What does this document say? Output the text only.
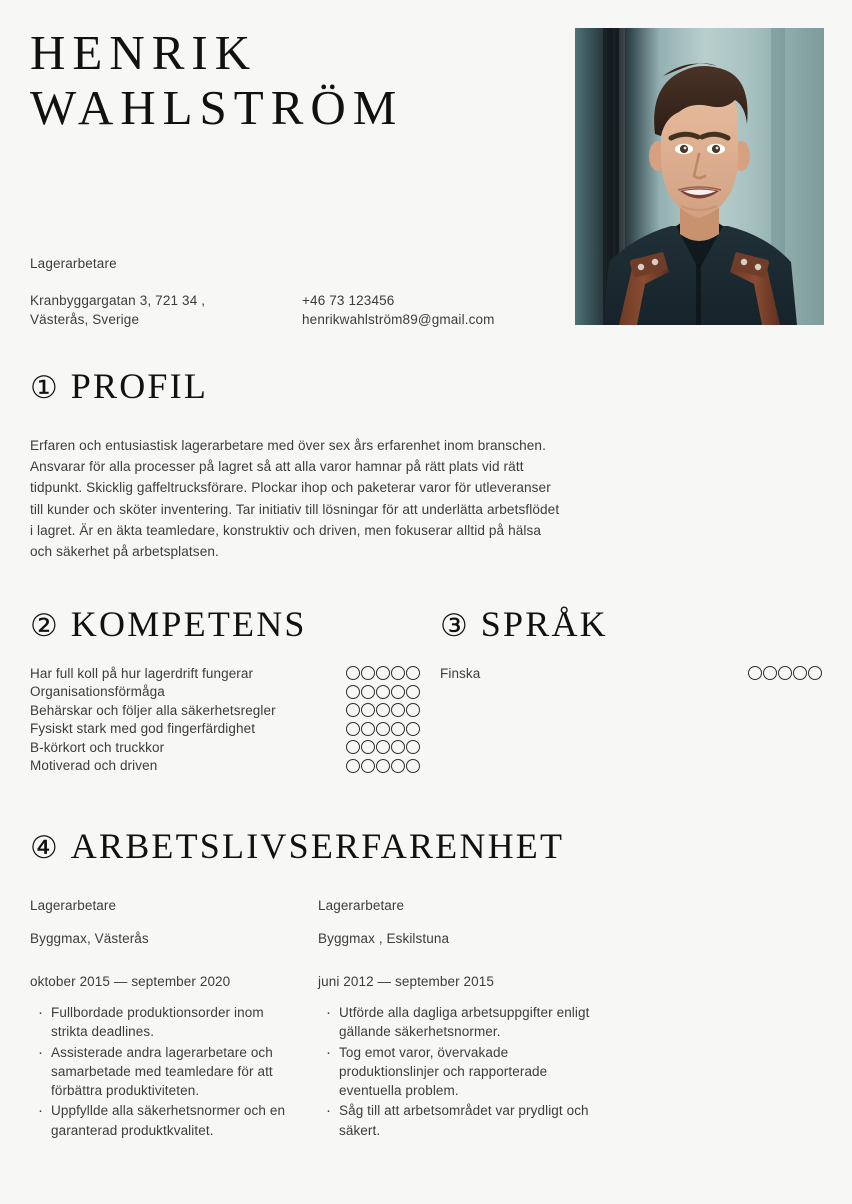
HENRIK
WAHLSTRÖM
Lagerarbetare
Kranbyggargatan 3, 721 34 ,
Västerås, Sverige
+46 73 123456
henrikwahlström89@gmail.com
① PROFIL
Erfaren och entusiastisk lagerarbetare med över sex års erfarenhet inom branschen. Ansvarar för alla processer på lagret så att alla varor hamnar på rätt plats vid rätt tidpunkt. Skicklig gaffeltrucksförare. Plockar ihop och paketerar varor för utleveranser till kunder och sköter inventering. Tar initiativ till lösningar för att underlätta arbetsflödet i lagret. Är en äkta teamledare, konstruktiv och driven, men fokuserar alltid på hälsa och säkerhet på arbetsplatsen.
② KOMPETENS
Har full koll på hur lagerdrift fungerar
Organisationsförmåga
Behärskar och följer alla säkerhetsregler
Fysiskt stark med god fingerfärdighet
B-körkort och truckkor
Motiverad och driven
③ SPRÅK
Finska
④ ARBETSLIVSERFARENHET
Lagerarbetare
Byggmax, Västerås
oktober 2015 — september 2020
· Fullbordade produktionsorder inom strikta deadlines.
· Assisterade andra lagerarbetare och samarbetade med teamledare för att förbättra produktiviteten.
· Uppfyllde alla säkerhetsnormer och en garanterad produktkvalitet.
Lagerarbetare
Byggmax , Eskilstuna
juni 2012 — september 2015
· Utförde alla dagliga arbetsuppgifter enligt gällande säkerhetsnormer.
· Tog emot varor, övervakade produktionslinjer och rapporterade eventuella problem.
· Såg till att arbetsområdet var prydligt och säkert.
